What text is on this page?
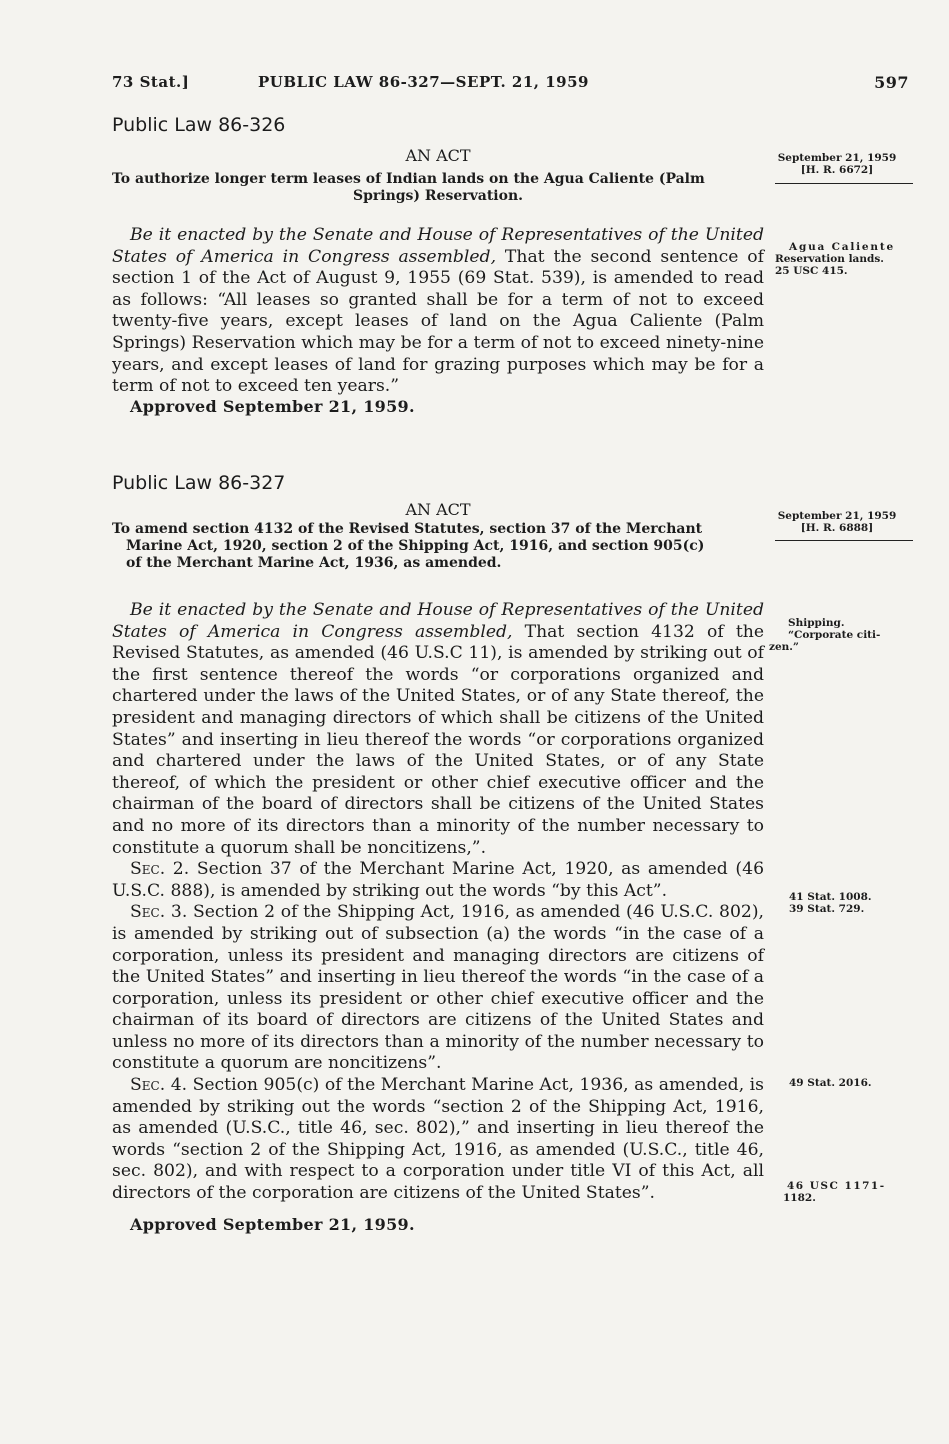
73 Stat.]	PUBLIC LAW 86-327—SEPT. 21, 1959	597
Public Law 86-326
AN ACT
To authorize longer term leases of Indian lands on the Agua Caliente (Palm
Springs) Reservation.
September 21, 1959
[H. R. 6672]
Agua Caliente
Reservation lands.
25 USC 415.

Be it enacted by the Senate and House of Representatives of the United States of America in Congress assembled, That the second sentence of section 1 of the Act of August 9, 1955 (69 Stat. 539), is amended to read as follows: “All leases so granted shall be for a term of not to exceed twenty-five years, except leases of land on the Agua Caliente (Palm Springs) Reservation which may be for a term of not to exceed ninety-nine years, and except leases of land for grazing purposes which may be for a term of not to exceed ten years.”

Approved September 21, 1959.
Public Law 86-327
AN ACT
To amend section 4132 of the Revised Statutes, section 37 of the Merchant
Marine Act, 1920, section 2 of the Shipping Act, 1916, and section 905(c)
of the Merchant Marine Act, 1936, as amended.
September 21, 1959
[H. R. 6888]
Shipping.
“Corporate citi-
zen.”
41 Stat. 1008.
39 Stat. 729.
49 Stat. 2016.
46 USC 1171-
1182.

Be it enacted by the Senate and House of Representatives of the United States of America in Congress assembled, That section 4132 of the Revised Statutes, as amended (46 U.S.C 11), is amended by striking out of the first sentence thereof the words “or corporations organized and chartered under the laws of the United States, or of any State thereof, the president and managing directors of which shall be citizens of the United States” and inserting in lieu thereof the words “or corporations organized and chartered under the laws of the United States, or of any State thereof, of which the president or other chief executive officer and the chairman of the board of directors shall be citizens of the United States and no more of its directors than a minority of the number necessary to constitute a quorum shall be noncitizens,”.

Sec. 2. Section 37 of the Merchant Marine Act, 1920, as amended (46 U.S.C. 888), is amended by striking out the words “by this Act”.

Sec. 3. Section 2 of the Shipping Act, 1916, as amended (46 U.S.C. 802), is amended by striking out of subsection (a) the words “in the case of a corporation, unless its president and managing directors are citizens of the United States” and inserting in lieu thereof the words “in the case of a corporation, unless its president or other chief executive officer and the chairman of its board of directors are citizens of the United States and unless no more of its directors than a minority of the number necessary to constitute a quorum are noncitizens”.

Sec. 4. Section 905(c) of the Merchant Marine Act, 1936, as amended, is amended by striking out the words “section 2 of the Shipping Act, 1916, as amended (U.S.C., title 46, sec. 802),” and inserting in lieu thereof the words “section 2 of the Shipping Act, 1916, as amended (U.S.C., title 46, sec. 802), and with respect to a corporation under title VI of this Act, all directors of the corporation are citizens of the United States”.

Approved September 21, 1959.
